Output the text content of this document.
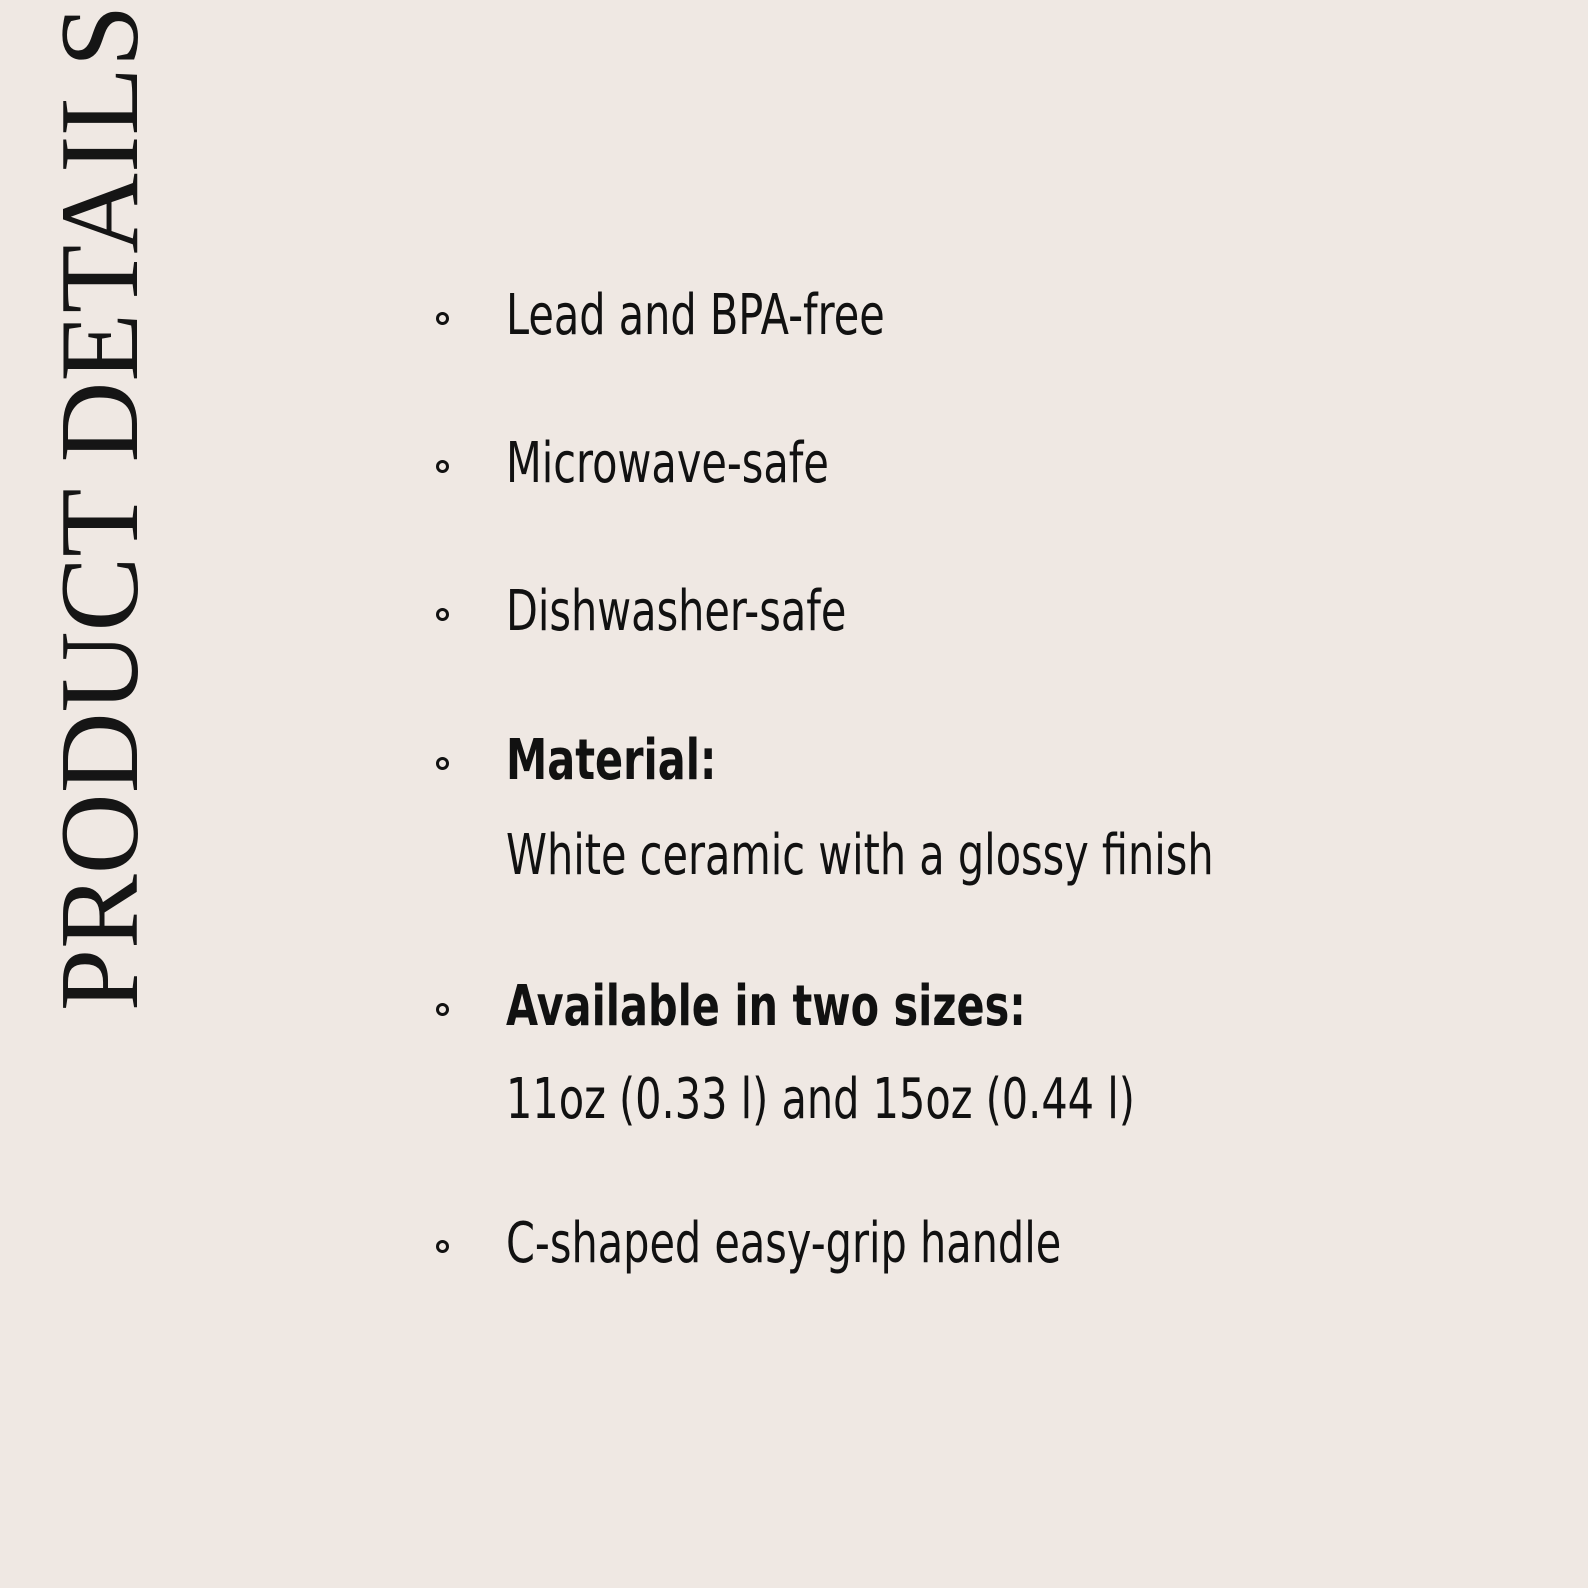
PRODUCT DETAILS	Lead and BPA-free
Microwave-safe
Dishwasher-safe
Material:
White ceramic with a glossy finish
Available in two sizes:
11oz (0.33 l) and 15oz (0.44 l)
C-shaped easy-grip handle
